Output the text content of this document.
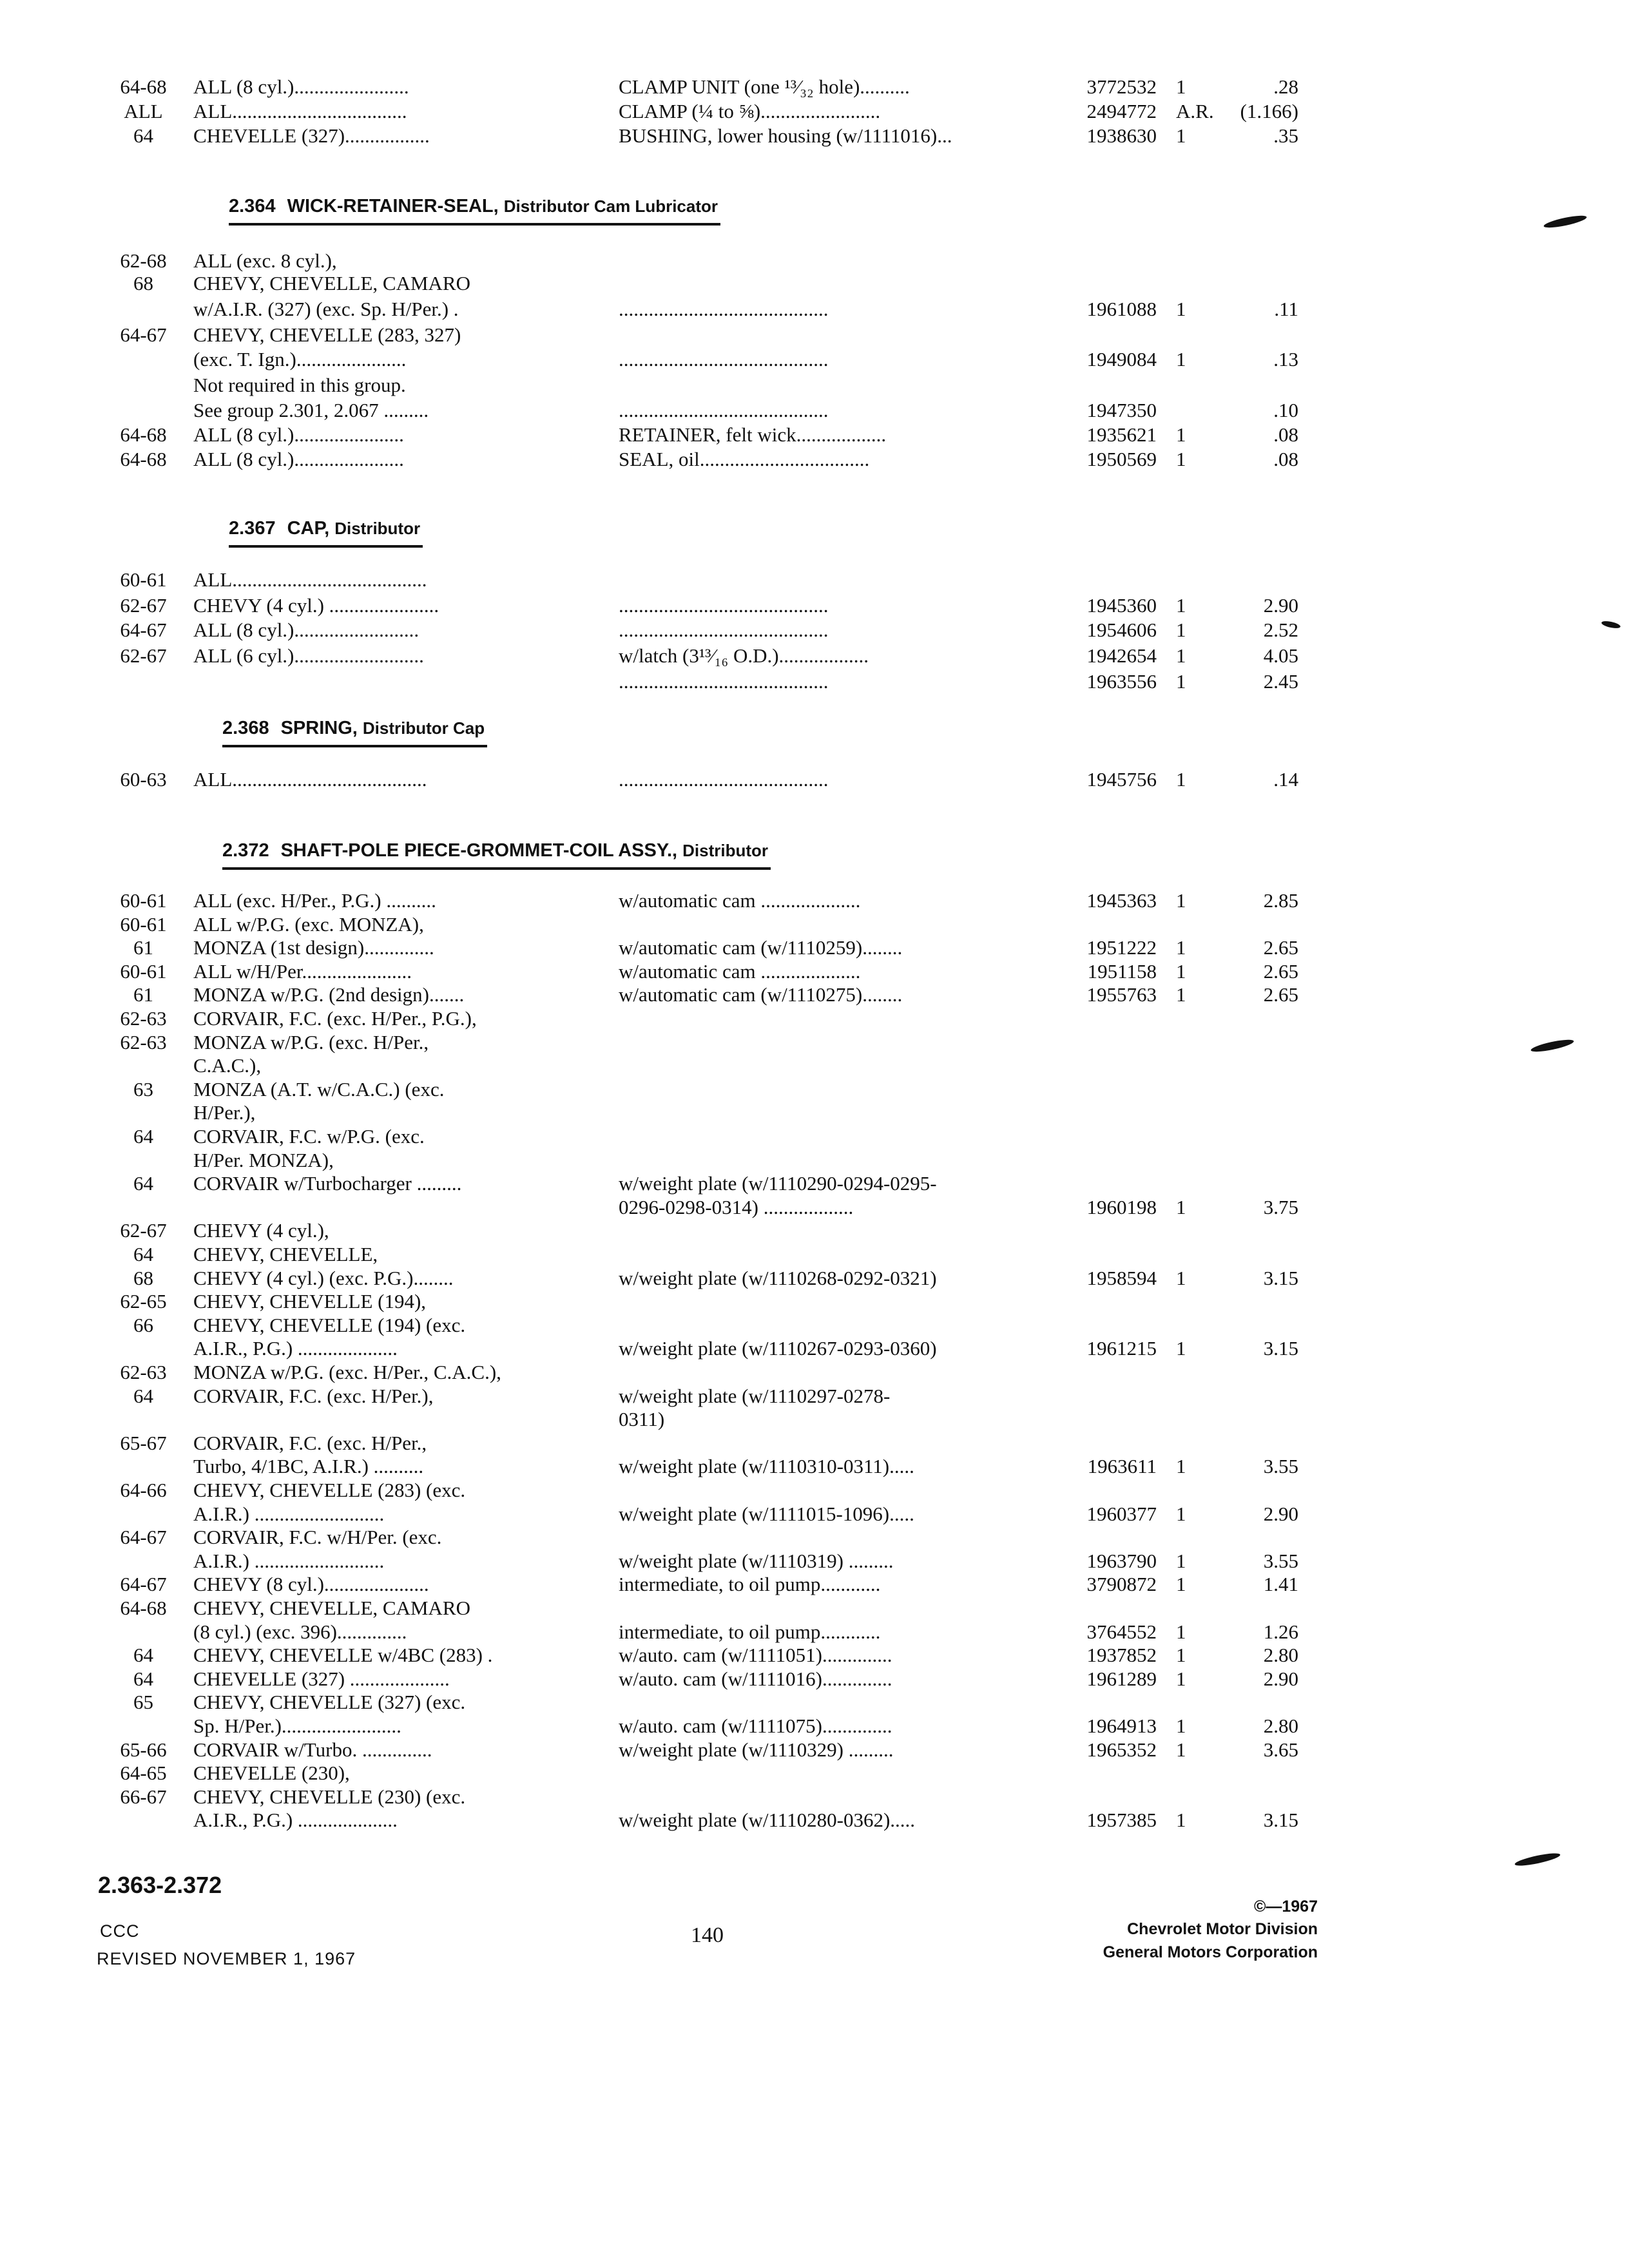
64-68	ALL (8 cyl.).......................	CLAMP UNIT (one ¹³⁄₃₂ hole)..........	3772532 1	.28
ALL	ALL...................................	CLAMP (¼ to ⅝)........................	2494772 A.R.	(1.166)
64	CHEVELLE (327).................	BUSHING, lower housing (w/1111016)...	1938630 1	.35
2.364 WICK-RETAINER-SEAL, Distributor Cam Lubricator
62-68	ALL (exc. 8 cyl.),
68	CHEVY, CHEVELLE, CAMARO
w/A.I.R. (327) (exc. Sp. H/Per.) .	..........................................	1961088 1	.11
64-67	CHEVY, CHEVELLE (283, 327)
(exc. T. Ign.)......................	..........................................	1949084 1	.13
Not required in this group.
See group 2.301, 2.067 .........	..........................................	1947350	.10
64-68	ALL (8 cyl.)......................	RETAINER, felt wick..................	1935621 1	.08
64-68	ALL (8 cyl.)......................	SEAL, oil..................................	1950569 1	.08
2.367 CAP, Distributor
60-61	ALL.......................................
62-67	CHEVY (4 cyl.) ......................	..........................................	1945360 1	2.90
64-67	ALL (8 cyl.).........................	..........................................	1954606 1	2.52
62-67	ALL (6 cyl.)..........................	w/latch (3¹³⁄₁₆ O.D.)..................	1942654 1	4.05
..........................................	1963556 1	2.45
2.368 SPRING, Distributor Cap
60-63	ALL.......................................	..........................................	1945756 1	.14
2.372 SHAFT-POLE PIECE-GROMMET-COIL ASSY., Distributor
60-61	ALL (exc. H/Per., P.G.) ..........	w/automatic cam ....................	1945363 1	2.85
60-61	ALL w/P.G. (exc. MONZA),
61	MONZA (1st design)..............	w/automatic cam (w/1110259)........	1951222 1	2.65
60-61	ALL w/H/Per......................	w/automatic cam ....................	1951158 1	2.65
61	MONZA w/P.G. (2nd design).......	w/automatic cam (w/1110275)........	1955763 1	2.65
62-63	CORVAIR, F.C. (exc. H/Per., P.G.),
62-63	MONZA w/P.G. (exc. H/Per.,
C.A.C.),
63	MONZA (A.T. w/C.A.C.) (exc.
H/Per.),
64	CORVAIR, F.C. w/P.G. (exc.
H/Per. MONZA),
64	CORVAIR w/Turbocharger .........	w/weight plate (w/1110290-0294-0295-
0296-0298-0314) ..................	1960198 1	3.75
62-67	CHEVY (4 cyl.),
64	CHEVY, CHEVELLE,
68	CHEVY (4 cyl.) (exc. P.G.)........	w/weight plate (w/1110268-0292-0321)	1958594 1	3.15
62-65	CHEVY, CHEVELLE (194),
66	CHEVY, CHEVELLE (194) (exc.
A.I.R., P.G.) ....................	w/weight plate (w/1110267-0293-0360)	1961215 1	3.15
62-63	MONZA w/P.G. (exc. H/Per., C.A.C.),
64	CORVAIR, F.C. (exc. H/Per.),	w/weight plate (w/1110297-0278-
0311)
65-67	CORVAIR, F.C. (exc. H/Per.,
Turbo, 4/1BC, A.I.R.) ..........	w/weight plate (w/1110310-0311).....	1963611 1	3.55
64-66	CHEVY, CHEVELLE (283) (exc.
A.I.R.) ..........................	w/weight plate (w/1111015-1096).....	1960377 1	2.90
64-67	CORVAIR, F.C. w/H/Per. (exc.
A.I.R.) ..........................	w/weight plate (w/1110319) .........	1963790 1	3.55
64-67	CHEVY (8 cyl.).....................	intermediate, to oil pump............	3790872 1	1.41
64-68	CHEVY, CHEVELLE, CAMARO
(8 cyl.) (exc. 396)..............	intermediate, to oil pump............	3764552 1	1.26
64	CHEVY, CHEVELLE w/4BC (283) .	w/auto. cam (w/1111051)..............	1937852 1	2.80
64	CHEVELLE (327) ....................	w/auto. cam (w/1111016)..............	1961289 1	2.90
65	CHEVY, CHEVELLE (327) (exc.
Sp. H/Per.)........................	w/auto. cam (w/1111075)..............	1964913 1	2.80
65-66	CORVAIR w/Turbo. ..............	w/weight plate (w/1110329) .........	1965352 1	3.65
64-65	CHEVELLE (230),
66-67	CHEVY, CHEVELLE (230) (exc.
A.I.R., P.G.) ....................	w/weight plate (w/1110280-0362).....	1957385 1	3.15
2.363-2.372
CCC
REVISED NOVEMBER 1, 1967
140
©—1967
Chevrolet Motor Division
General Motors Corporation
